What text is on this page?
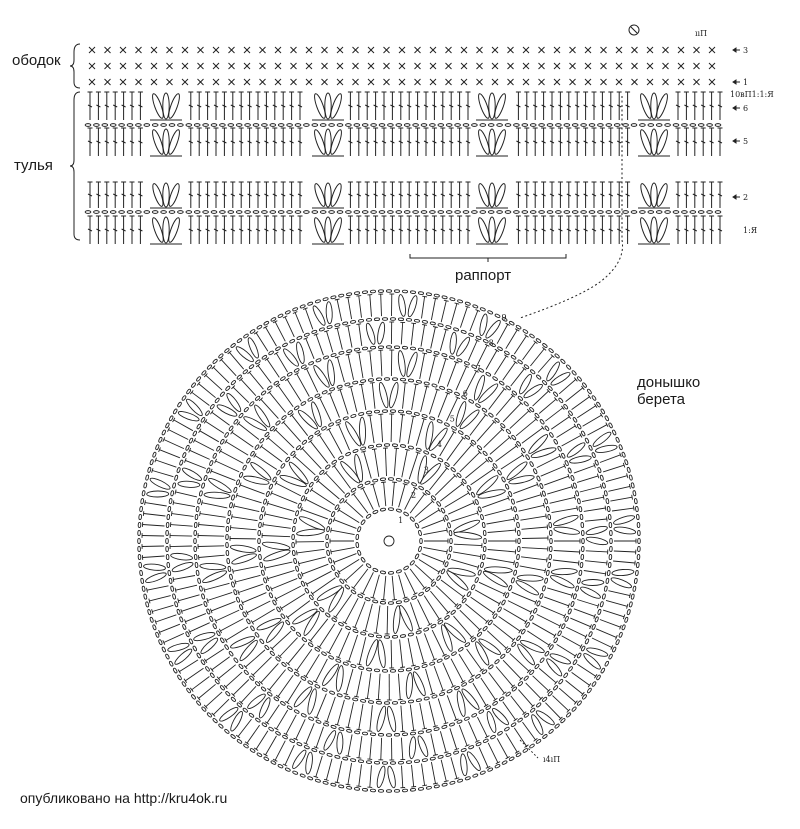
ободок
тулья
раппорт
донышко
берета
опубликовано на http://kru4ok.ru
3
1
6
5
2
1:Я
ııП
10вП1:1:Я
1
2
3
4
5
6
7
8
9
ı4ıП
